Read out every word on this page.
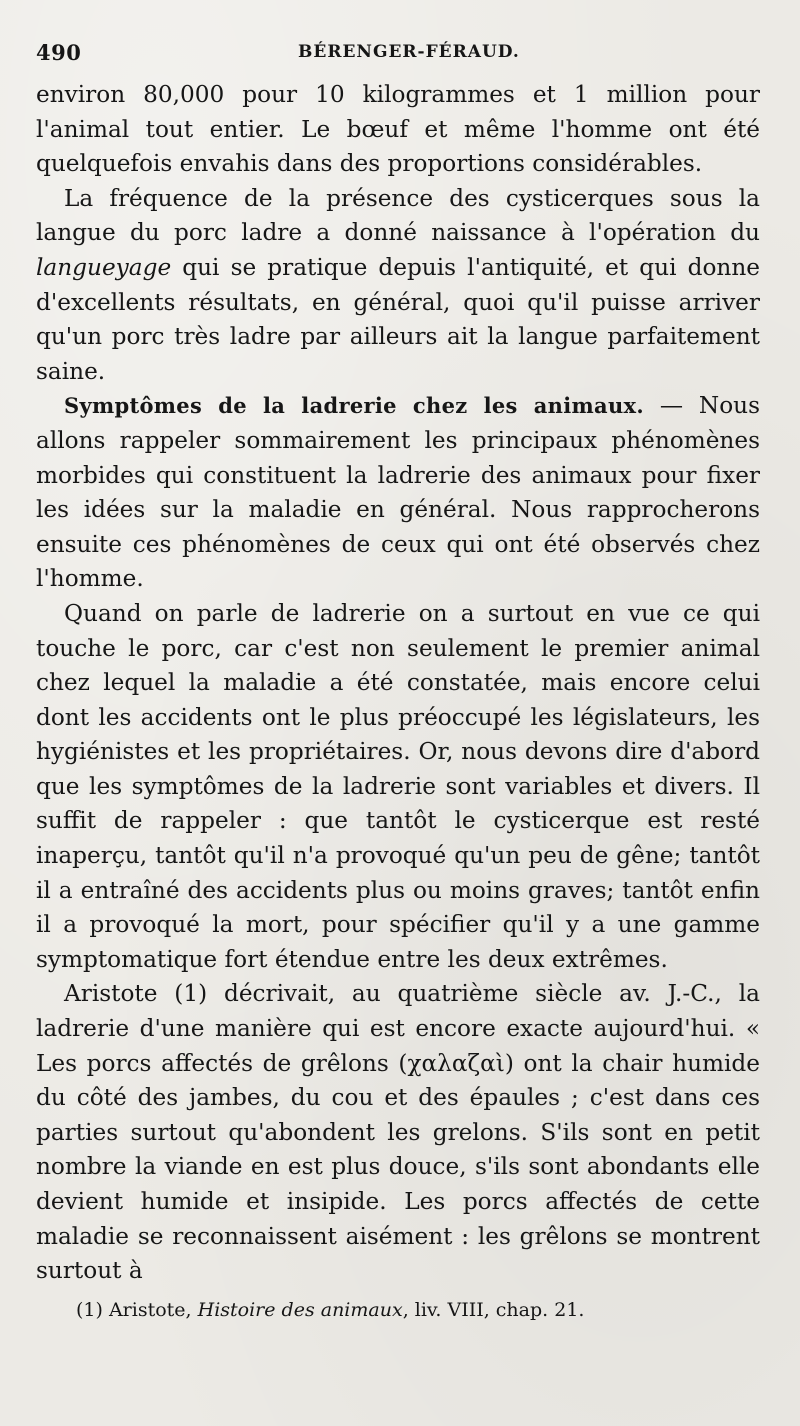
490	BÉRENGER-FÉRAUD.

environ 80,000 pour 10 kilogrammes et 1 million pour l'animal tout entier. Le bœuf et même l'homme ont été quelquefois envahis dans des proportions considérables.

La fréquence de la présence des cysticerques sous la langue du porc ladre a donné naissance à l'opération du langueyage qui se pratique depuis l'antiquité, et qui donne d'excellents résultats, en général, quoi qu'il puisse arriver qu'un porc très ladre par ailleurs ait la langue parfaitement saine.

Symptômes de la ladrerie chez les animaux. — Nous allons rappeler sommairement les principaux phénomènes morbides qui constituent la ladrerie des animaux pour fixer les idées sur la maladie en général. Nous rapprocherons ensuite ces phénomènes de ceux qui ont été observés chez l'homme.

Quand on parle de ladrerie on a surtout en vue ce qui touche le porc, car c'est non seulement le premier animal chez lequel la maladie a été constatée, mais encore celui dont les accidents ont le plus préoccupé les législateurs, les hygiénistes et les propriétaires. Or, nous devons dire d'abord que les symptômes de la ladrerie sont variables et divers. Il suffit de rappeler : que tantôt le cysticerque est resté inaperçu, tantôt qu'il n'a provoqué qu'un peu de gêne; tantôt il a entraîné des accidents plus ou moins graves; tantôt enfin il a provoqué la mort, pour spécifier qu'il y a une gamme symptomatique fort étendue entre les deux extrêmes.

Aristote (1) décrivait, au quatrième siècle av. J.-C., la ladrerie d'une manière qui est encore exacte aujourd'hui. « Les porcs affectés de grêlons (χαλαζαὶ) ont la chair humide du côté des jambes, du cou et des épaules ; c'est dans ces parties surtout qu'abondent les grelons. S'ils sont en petit nombre la viande en est plus douce, s'ils sont abondants elle devient humide et insipide. Les porcs affectés de cette maladie se reconnaissent aisément : les grêlons se montrent surtout à

(1) Aristote, Histoire des animaux, liv. VIII, chap. 21.
